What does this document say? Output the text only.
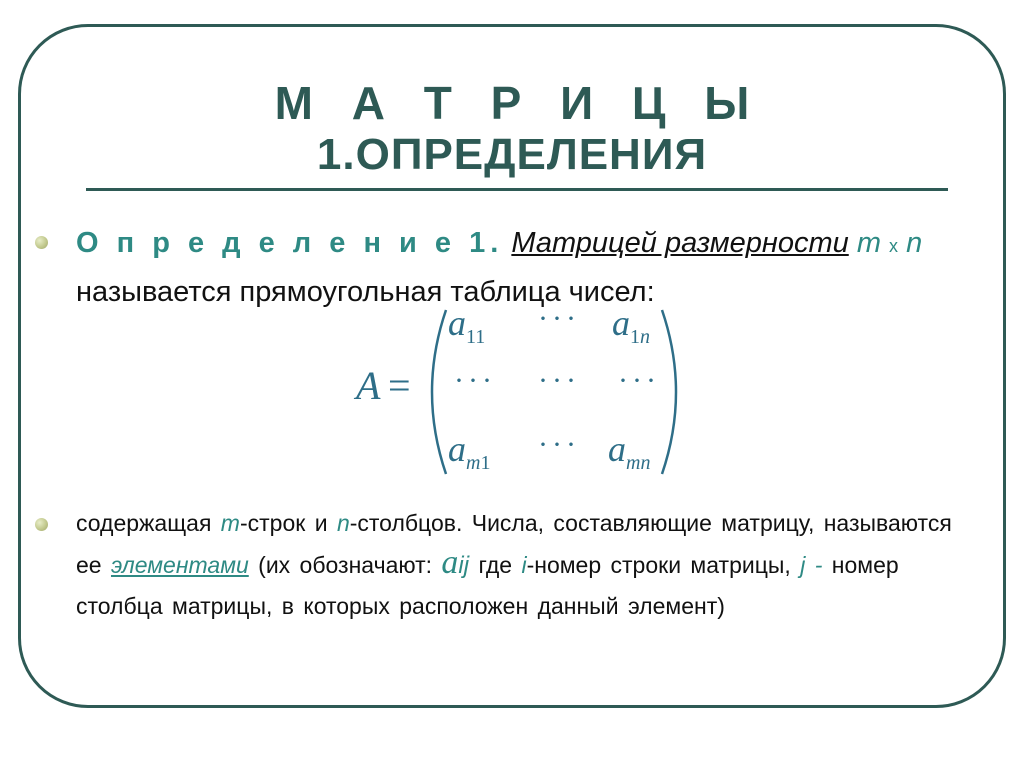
М А Т Р И Ц Ы
1.ОПРЕДЕЛЕНИЯ
О п р е д е л е н и е 1. Матрицей размерности m x n
называется прямоугольная таблица чисел:
A =
$a_{11}$
··· $a_{1n}$
··· ··· ···
$a_{m1}$
··· $a_{mn}$
содержащая m-строк и n-столбцов. Числа, составляющие матрицу, называются ее элементами (их обозначают: aij где i-номер строки матрицы, j - номер столбца матрицы, в которых расположен данный элемент)
